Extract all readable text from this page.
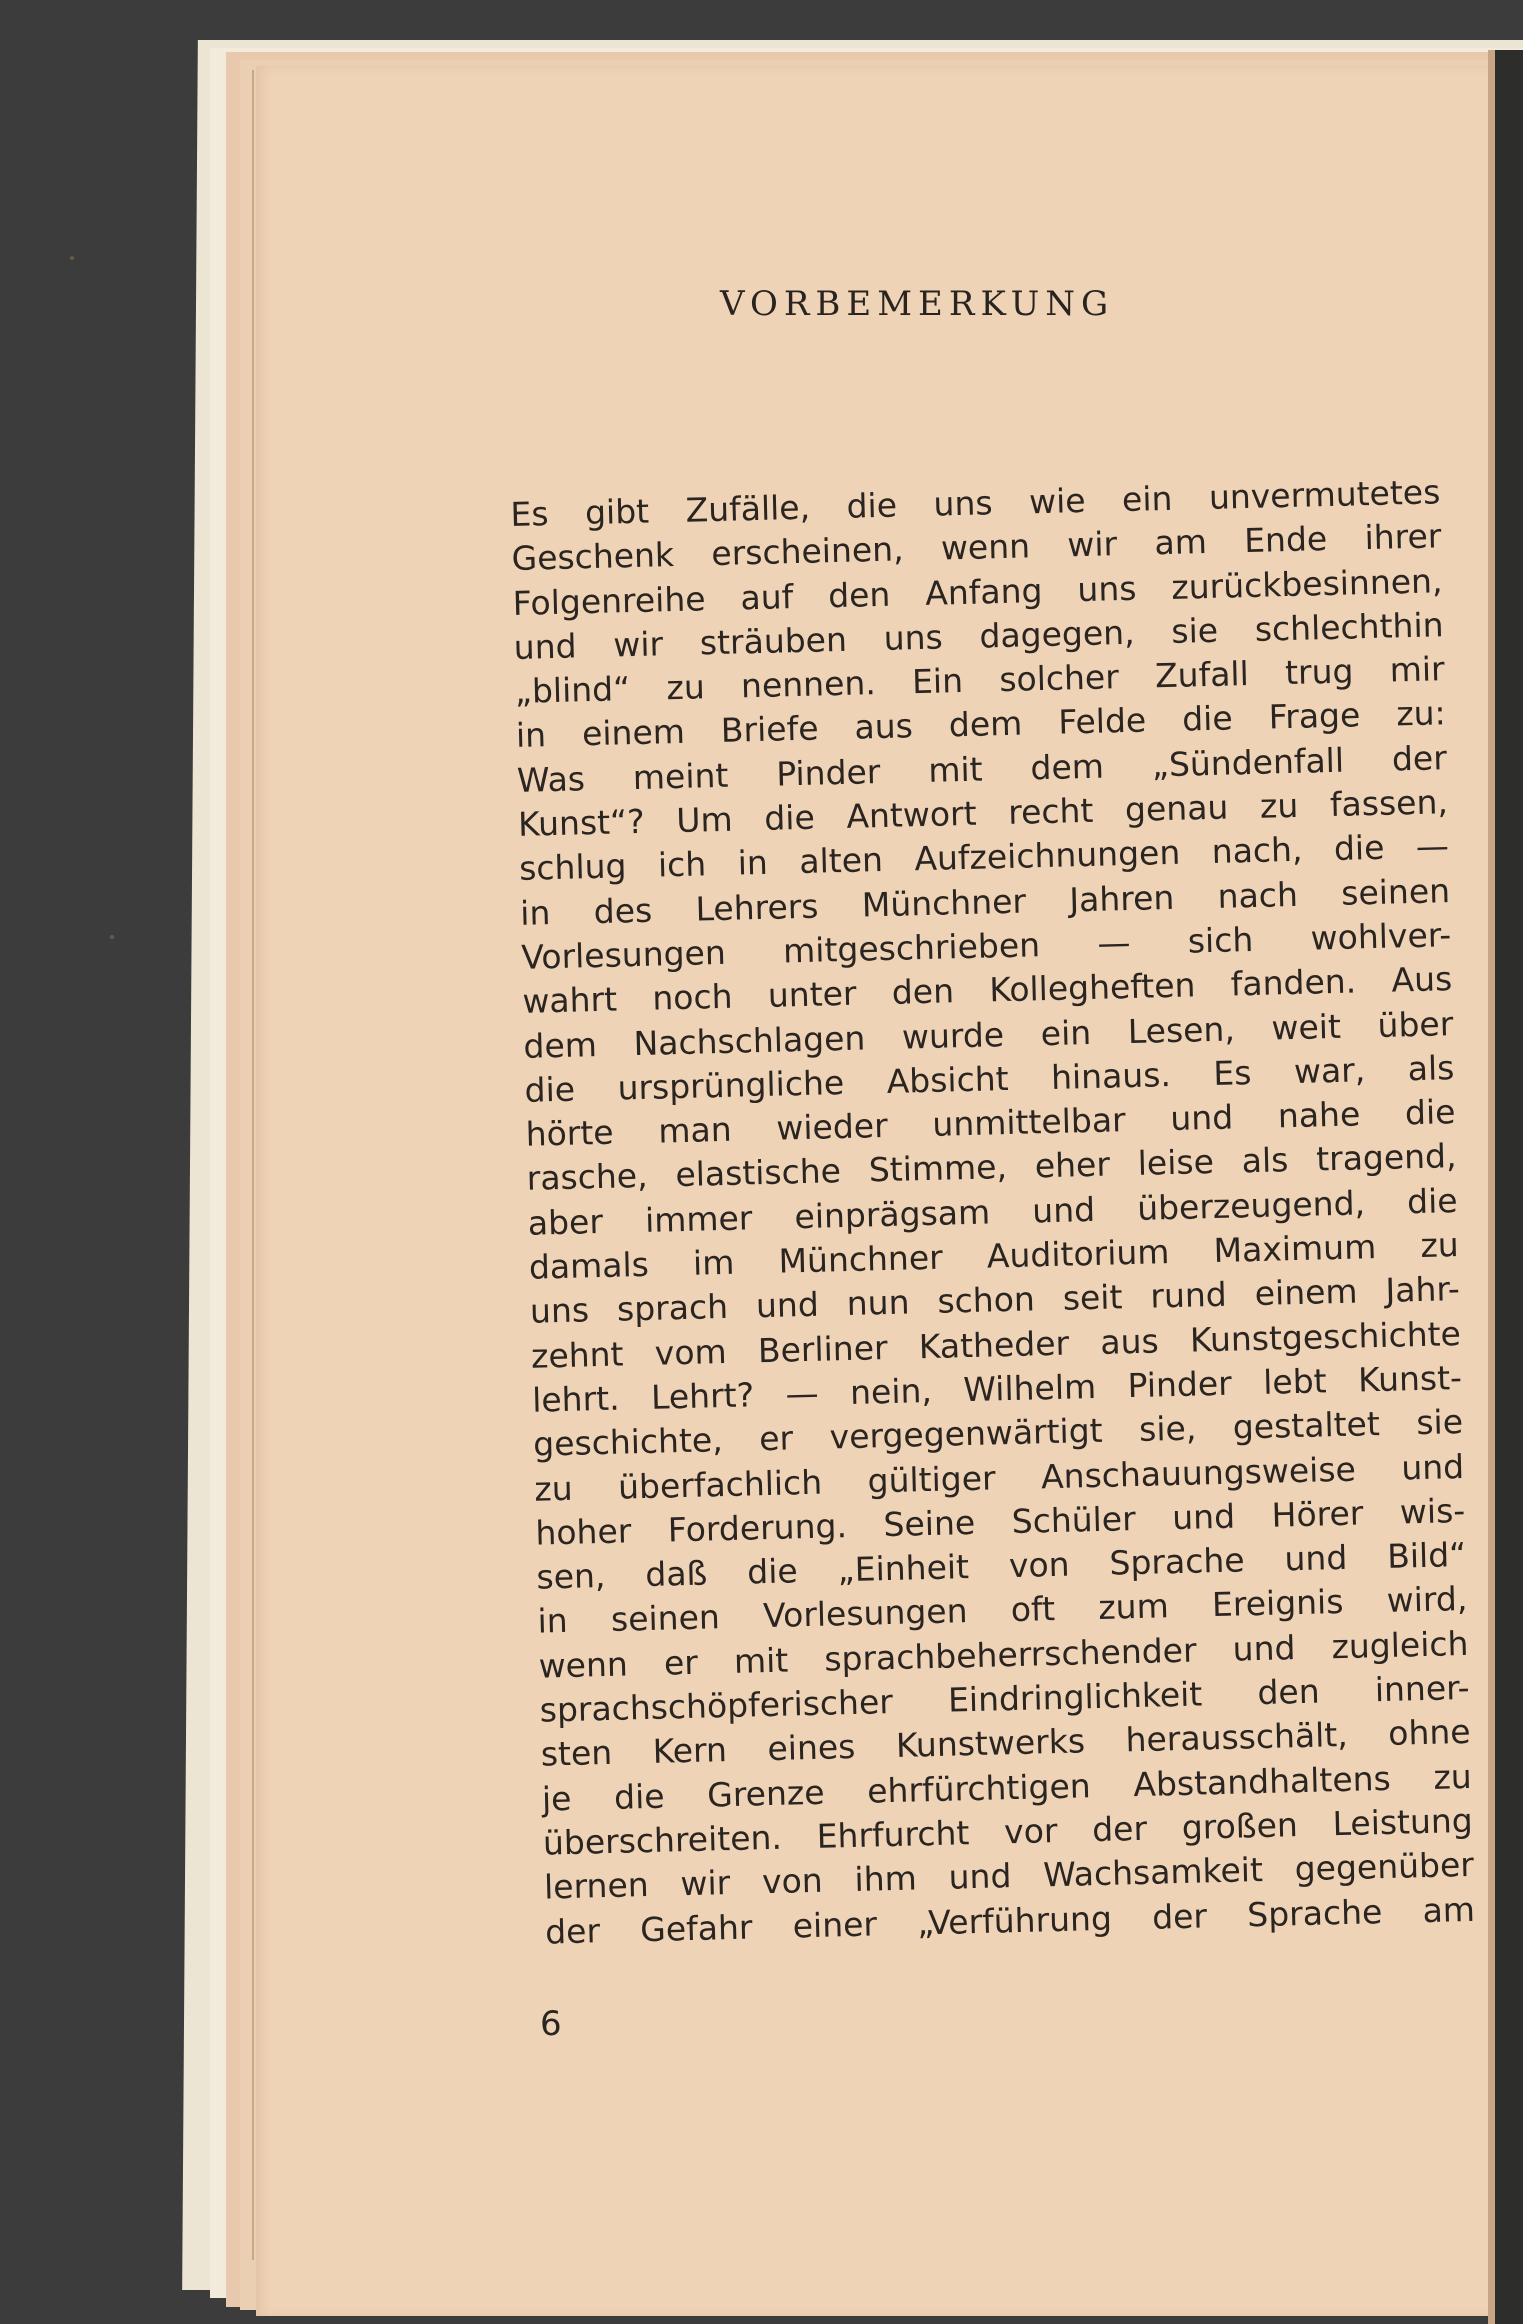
VORBEMERKUNG
Es gibt Zufälle, die uns wie ein unvermutetes
Geschenk erscheinen, wenn wir am Ende ihrer
Folgenreihe auf den Anfang uns zurückbesinnen,
und wir sträuben uns dagegen, sie schlechthin
„blind“ zu nennen. Ein solcher Zufall trug mir
in einem Briefe aus dem Felde die Frage zu:
Was meint Pinder mit dem „Sündenfall der
Kunst“? Um die Antwort recht genau zu fassen,
schlug ich in alten Aufzeichnungen nach, die —
in des Lehrers Münchner Jahren nach seinen
Vorlesungen mitgeschrieben — sich wohlver-
wahrt noch unter den Kollegheften fanden. Aus
dem Nachschlagen wurde ein Lesen, weit über
die ursprüngliche Absicht hinaus. Es war, als
hörte man wieder unmittelbar und nahe die
rasche, elastische Stimme, eher leise als tragend,
aber immer einprägsam und überzeugend, die
damals im Münchner Auditorium Maximum zu
uns sprach und nun schon seit rund einem Jahr-
zehnt vom Berliner Katheder aus Kunstgeschichte
lehrt. Lehrt? — nein, Wilhelm Pinder lebt Kunst-
geschichte, er vergegenwärtigt sie, gestaltet sie
zu überfachlich gültiger Anschauungsweise und
hoher Forderung. Seine Schüler und Hörer wis-
sen, daß die „Einheit von Sprache und Bild“
in seinen Vorlesungen oft zum Ereignis wird,
wenn er mit sprachbeherrschender und zugleich
sprachschöpferischer Eindringlichkeit den inner-
sten Kern eines Kunstwerks herausschält, ohne
je die Grenze ehrfürchtigen Abstandhaltens zu
überschreiten. Ehrfurcht vor der großen Leistung
lernen wir von ihm und Wachsamkeit gegenüber
der Gefahr einer „Verführung der Sprache am
6
